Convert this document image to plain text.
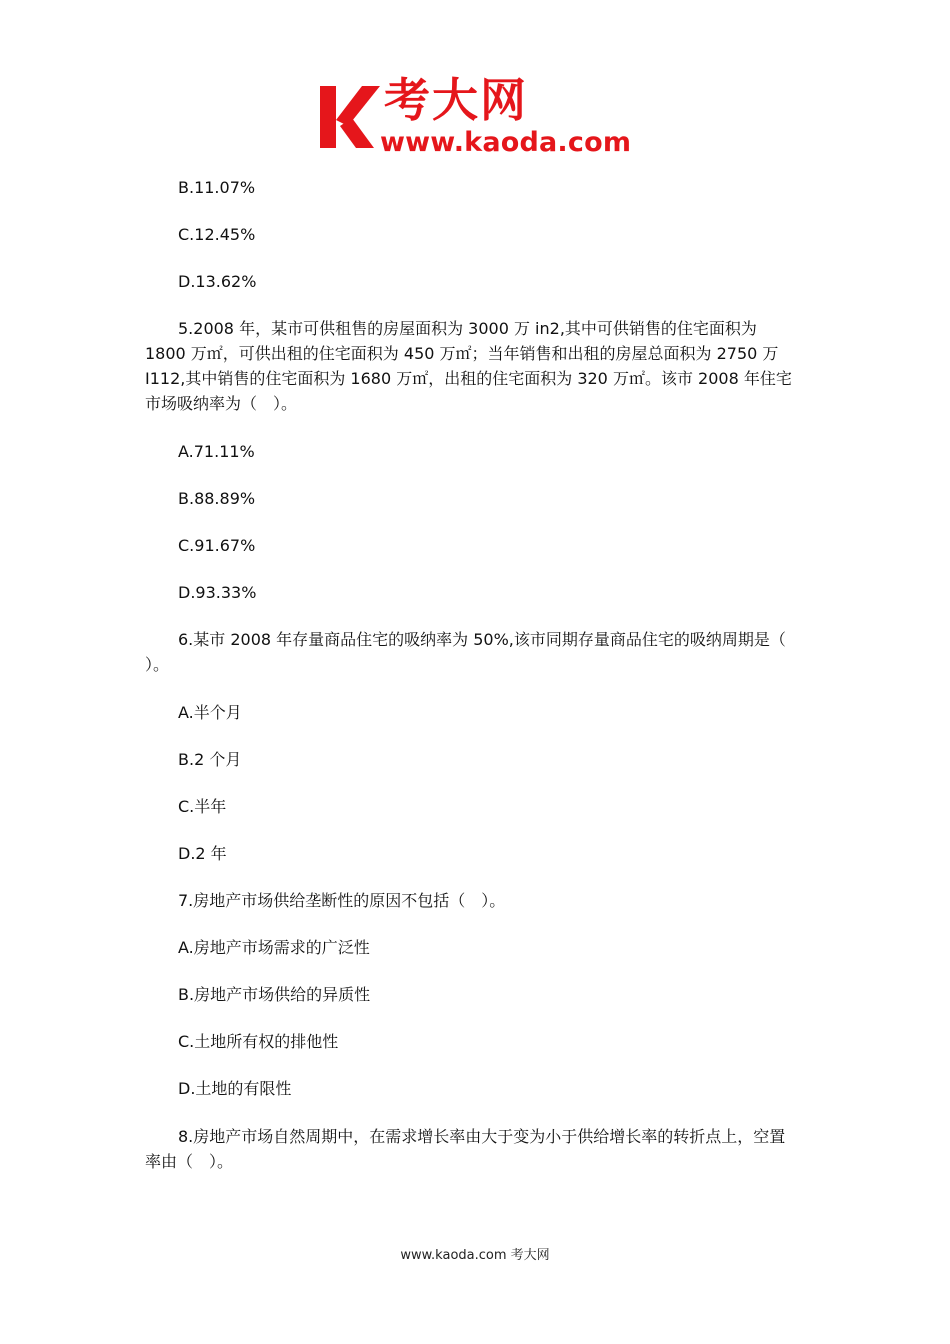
考大网
www.kaoda.com
B.11.07%
C.12.45%
D.13.62%
5.2008 年，某市可供租售的房屋面积为 3000 万 in2,其中可供销售的住宅面积为
1800 万㎡，可供出租的住宅面积为 450 万㎡；当年销售和出租的房屋总面积为 2750 万
I112,其中销售的住宅面积为 1680 万㎡，出租的住宅面积为 320 万㎡。该市 2008 年住宅
市场吸纳率为（　）。
A.71.11%
B.88.89%
C.91.67%
D.93.33%
6.某市 2008 年存量商品住宅的吸纳率为 50%,该市同期存量商品住宅的吸纳周期是（
）。
A.半个月
B.2 个月
C.半年
D.2 年
7.房地产市场供给垄断性的原因不包括（　）。
A.房地产市场需求的广泛性
B.房地产市场供给的异质性
C.土地所有权的排他性
D.土地的有限性
8.房地产市场自然周期中，在需求增长率由大于变为小于供给增长率的转折点上，空置
率由（　）。
www.kaoda.com 考大网
